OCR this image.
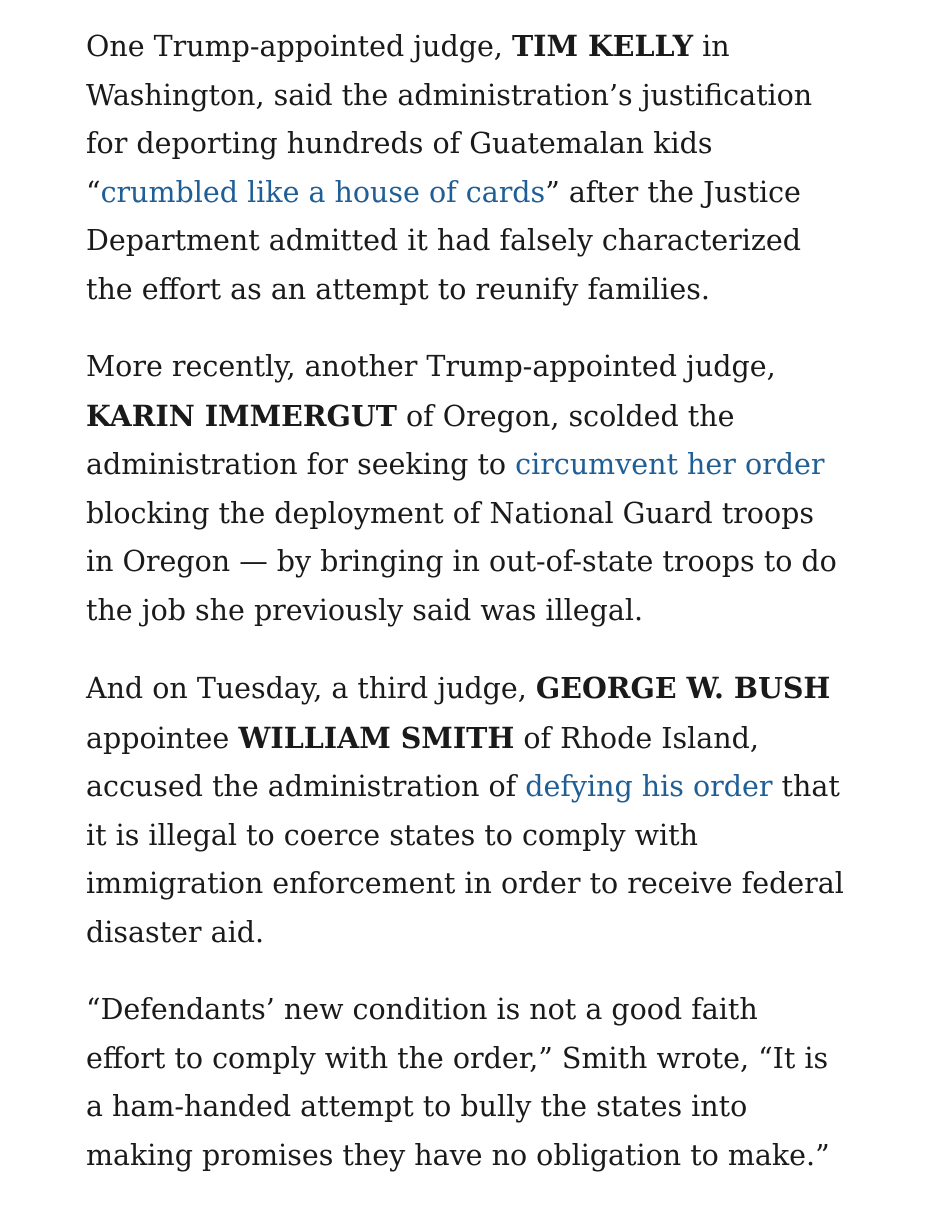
One Trump-appointed judge, TIM KELLY in Washington, said the administration’s justification for deporting hundreds of Guatemalan kids “crumbled like a house of cards” after the Justice Department admitted it had falsely characterized the effort as an attempt to reunify families.

More recently, another Trump-appointed judge, KARIN IMMERGUT of Oregon, scolded the administration for seeking to circumvent her order blocking the deployment of National Guard troops in Oregon — by bringing in out-of-state troops to do the job she previously said was illegal.

And on Tuesday, a third judge, GEORGE W. BUSH appointee WILLIAM SMITH of Rhode Island, accused the administration of defying his order that it is illegal to coerce states to comply with immigration enforcement in order to receive federal disaster aid.

“Defendants’ new condition is not a good faith effort to comply with the order,” Smith wrote, “It is a ham-handed attempt to bully the states into making promises they have no obligation to make.”
